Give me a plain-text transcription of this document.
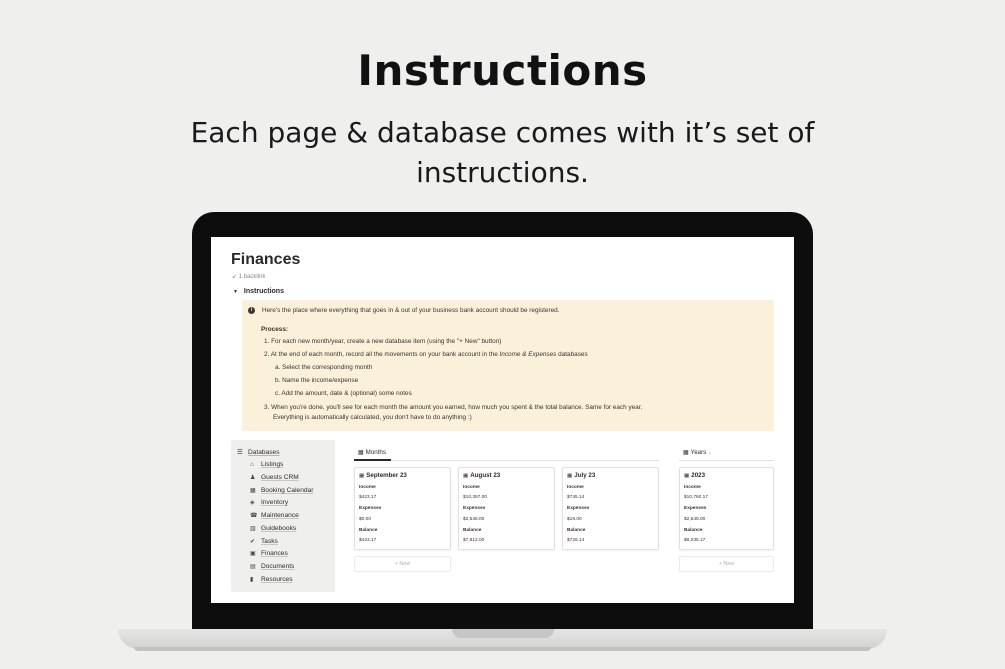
Instructions
Each page & database comes with it’s set of instructions.
Finances
↙ 1 backlink
▼ Instructions
i	Here's the place where everything that goes in & out of your business bank account should be registered.
Process:
1. For each new month/year, create a new database item (using the "+ New" button)
2. At the end of each month, record all the movements on your bank account in the Income & Expenses databases
a. Select the corresponding month
b. Name the income/expense
c. Add the amount, date & (optional) some notes
3. When you're done, you'll see for each month the amount you earned, how much you spent & the total balance. Same for each year.
Everything is automatically calculated, you don't have to do anything :)
☰ Databases
⌂ Listings
♟ Guests CRM
▦ Booking Calendar
◈ Inventory
☎ Maintenance
▥ Guidebooks
✔ Tasks
▣ Finances
▤ Documents
▮ Resources
▦ Months
▦ September 23
Income
$423.17
Expenses
$0.00
Balance
$423.17
▦ August 23
Income
$10,357.00
Expenses
$2,545.00
Balance
$7,812.00
▦ July 23
Income
$745.14
Expenses
$19.00
Balance
$726.14
+ New
▦ Years ⌄
▦ 2023
Income
$10,760.17
Expenses
$2,545.00
Balance
$8,235.17
+ New
